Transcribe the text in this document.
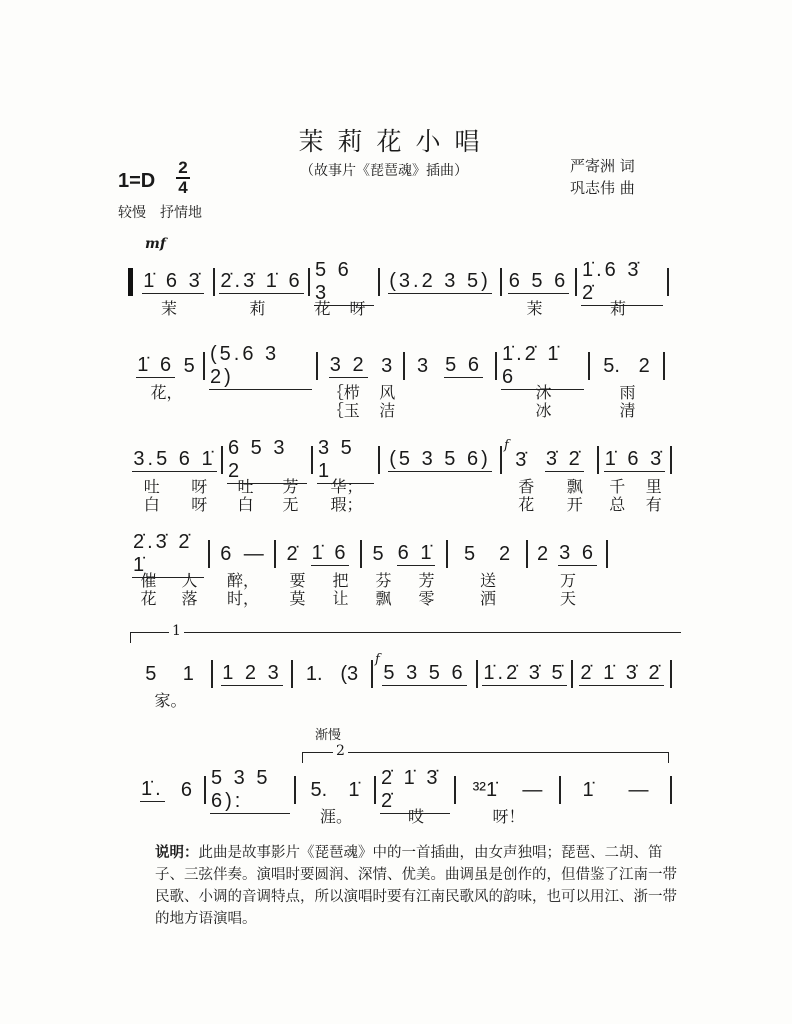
茉莉花小唱
（故事片《琵琶魂》插曲）	严寄洲 词
巩志伟 曲
1=D
2
4
较慢　抒情地
mf
渐慢
1
2
1̇ 6 3̇ 2̇.3̇ 1̇ 6
5 6 3
(3.2 3 5) 6 5 6
1̇.6 3̇ 2̇
茉	莉	花 呀	茉	莉
1̇ 6 5
(5.6 3 2)
3 2 3 3 5 6
1̇.2̇ 1̇ 6	5. 2
花，	｛栉 风	沐	雨
｛玉 洁	冰	清
3.5 6 1̇
6 5 3 2
3 5 1
(5 3 5 6)
f
3̇ 3̇ 2̇ 1̇ 6 3̇
吐 呀 吐 芳 华；	香 飘 千 里
白 呀 白 无 瑕；	花 开 总 有
2̇.3̇ 2̇ 1̇	6 — 2̇ 1̇ 6 5 6 1̇ 5 2 2 3 6
催 人 醉， 要 把 芬 芳	送	万
花 落 时， 莫 让 飘 零	洒	天
5 1 1 2 3 1. (3
f
5 3 5 6 1̇.2̇ 3̇ 5̇ 2̇ 1̇ 3̇ 2̇
家。
1̇. 6
5 3 5 6):	5. 1̇
2̇ 1̇ 3̇ 2̇	³²1̇ — 1̇ —
涯。	哎	呀！
说明：此曲是故事影片《琵琶魂》中的一首插曲，由女声独唱；琵琶、二胡、笛子、三弦伴奏。演唱时要圆润、深情、优美。曲调虽是创作的，但借鉴了江南一带民歌、小调的音调特点，所以演唱时要有江南民歌风的韵味，也可以用江、浙一带的地方语演唱。
